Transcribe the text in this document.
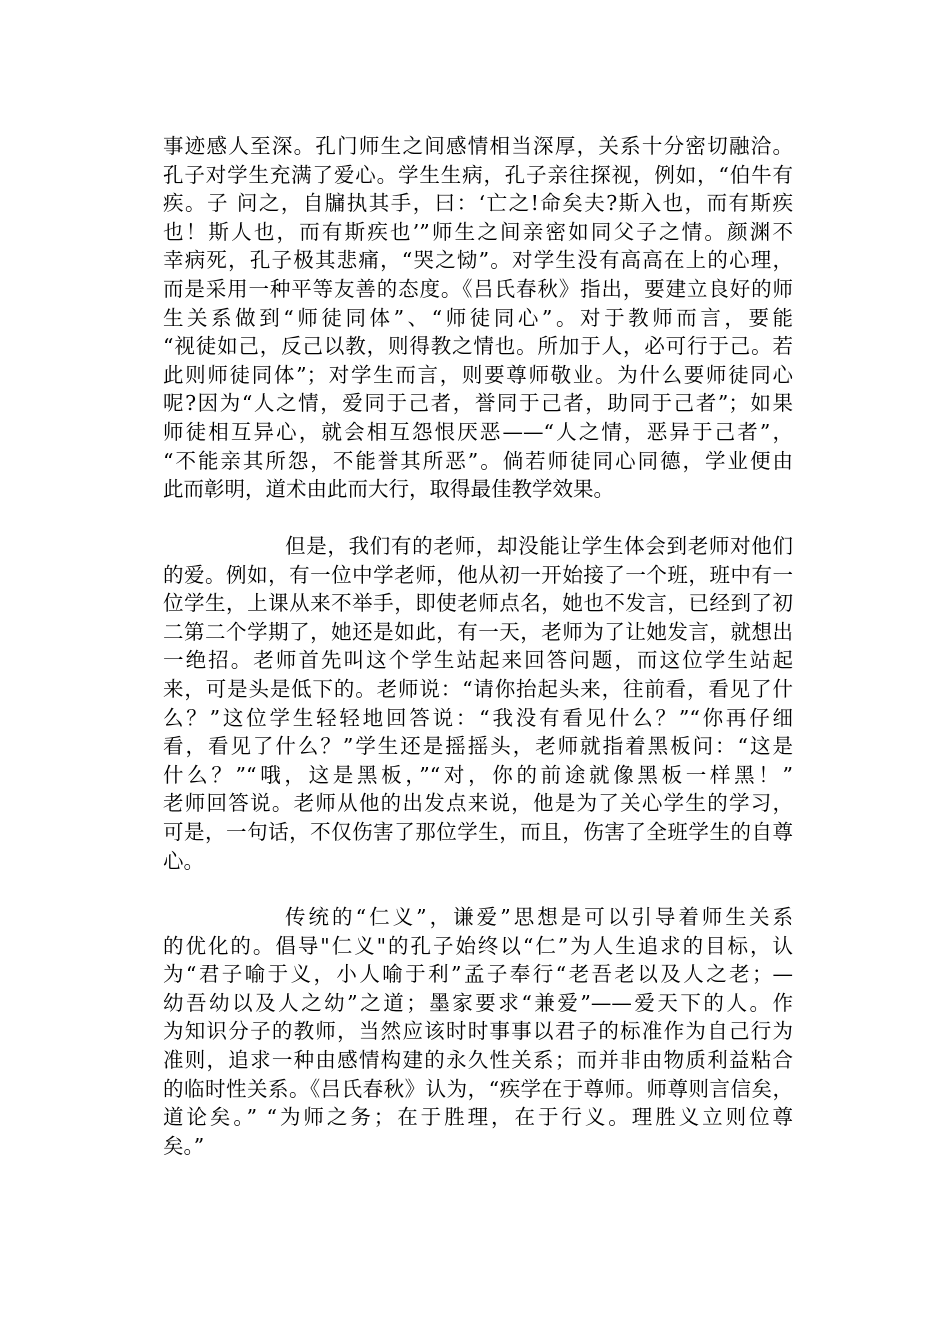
事迹感人至深。孔门师生之间感情相当深厚，关系十分密切融洽。
孔子对学生充满了爱心。学生生病，孔子亲往探视，例如，“伯牛有
疾。子 问之，自牖执其手，曰：‘亡之!命矣夫?斯入也，而有斯疾
也！斯人也，而有斯疾也’”师生之间亲密如同父子之情。颜渊不
幸病死，孔子极其悲痛，“哭之恸”。对学生没有高高在上的心理，
而是采用一种平等友善的态度。《吕氏春秋》指出，要建立良好的师
生关系做到“师徒同体”、“师徒同心”。对于教师而言，要能
“视徒如己，反己以教，则得教之情也。所加于人，必可行于己。若
此则师徒同体”；对学生而言，则要尊师敬业。为什么要师徒同心
呢?因为“人之情，爱同于己者，誉同于己者，助同于己者”；如果
师徒相互异心，就会相互怨恨厌恶——“人之情，恶异于己者”，
“不能亲其所怨，不能誉其所恶”。倘若师徒同心同德，学业便由
此而彰明，道术由此而大行，取得最佳教学效果。
但是，我们有的老师，却没能让学生体会到老师对他们
的爱。例如，有一位中学老师，他从初一开始接了一个班，班中有一
位学生，上课从来不举手，即使老师点名，她也不发言，已经到了初
二第二个学期了，她还是如此，有一天，老师为了让她发言，就想出
一绝招。老师首先叫这个学生站起来回答问题，而这位学生站起
来，可是头是低下的。老师说：“请你抬起头来，往前看，看见了什
么？”这位学生轻轻地回答说：“我没有看见什么？”“你再仔细
看，看见了什么？”学生还是摇摇头，老师就指着黑板问：“这是
什么？”“哦，这是黑板，”“对，你的前途就像黑板一样黑！”
老师回答说。老师从他的出发点来说，他是为了关心学生的学习，
可是，一句话，不仅伤害了那位学生，而且，伤害了全班学生的自尊
心。
传统的“仁义”，谦爱”思想是可以引导着师生关系
的优化的。倡导"仁义"的孔子始终以“仁”为人生追求的目标，认
为“君子喻于义，小人喻于利”孟子奉行“老吾老以及人之老；—
幼吾幼以及人之幼”之道；墨家要求“兼爱”——爱天下的人。作
为知识分子的教师，当然应该时时事事以君子的标准作为自己行为
准则，追求一种由感情构建的永久性关系；而并非由物质利益粘合
的临时性关系。《吕氏春秋》认为，“疾学在于尊师。师尊则言信矣，
道论矣。” “为师之务；在于胜理，在于行义。理胜义立则位尊
矣。”
